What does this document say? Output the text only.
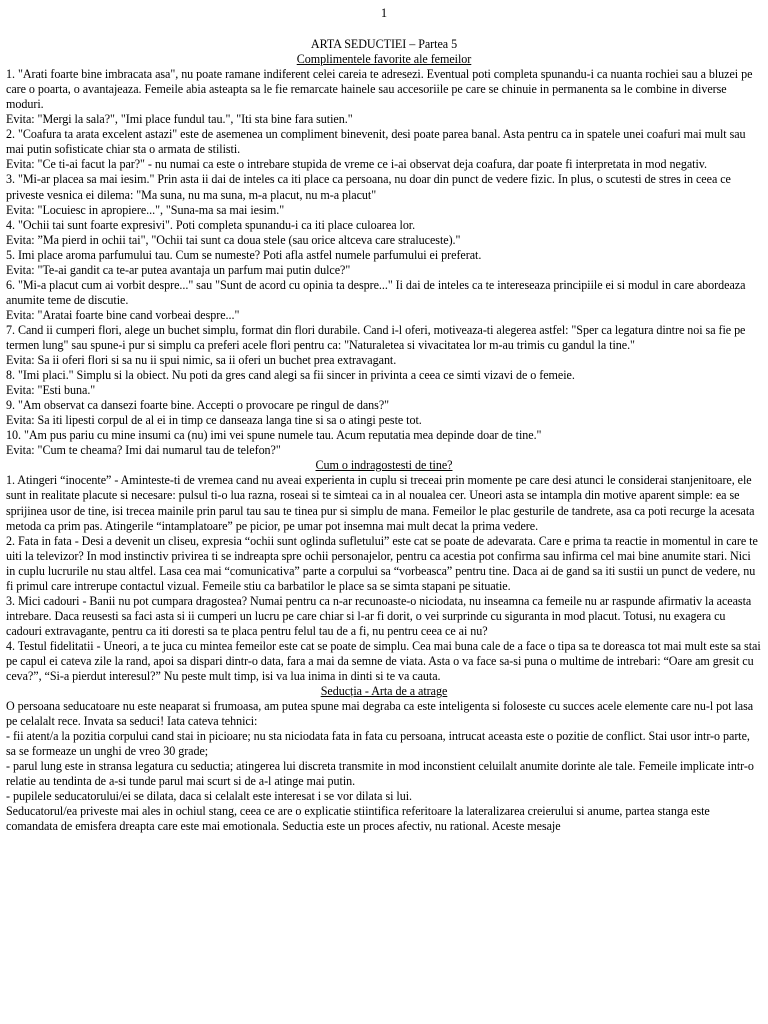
1
ARTA SEDUCTIEI – Partea 5
Complimentele favorite ale femeilor

1. "Arati foarte bine imbracata asa", nu poate ramane indiferent celei careia te adresezi. Eventual poti completa spunandu-i ca nuanta rochiei sau a bluzei pe care o poarta, o avantajeaza. Femeile abia asteapta sa le fie remarcate hainele sau accesoriile pe care se chinuie in permanenta sa le combine in diverse moduri.

Evita: "Mergi la sala?", "Imi place fundul tau.", "Iti sta bine fara sutien."

2. "Coafura ta arata excelent astazi" este de asemenea un compliment binevenit, desi poate parea banal. Asta pentru ca in spatele unei coafuri mai mult sau mai putin sofisticate chiar sta o armata de stilisti.

Evita: "Ce ti-ai facut la par?" - nu numai ca este o intrebare stupida de vreme ce i-ai observat deja coafura, dar poate fi interpretata in mod negativ.

3. "Mi-ar placea sa mai iesim." Prin asta ii dai de inteles ca iti place ca persoana, nu doar din punct de vedere fizic. In plus, o scutesti de stres in ceea ce priveste vesnica ei dilema: "Ma suna, nu ma suna, m-a placut, nu m-a placut"

Evita: "Locuiesc in apropiere...", "Suna-ma sa mai iesim."

4. "Ochii tai sunt foarte expresivi". Poti completa spunandu-i ca iti place culoarea lor.

Evita: ”Ma pierd in ochii tai", "Ochii tai sunt ca doua stele (sau orice altceva care straluceste)."

5. Imi place aroma parfumului tau. Cum se numeste? Poti afla astfel numele parfumului ei preferat.

Evita: "Te-ai gandit ca te-ar putea avantaja un parfum mai putin dulce?"

6. "Mi-a placut cum ai vorbit despre..." sau "Sunt de acord cu opinia ta despre..." Ii dai de inteles ca te intereseaza principiile ei si modul in care abordeaza anumite teme de discutie.

Evita: "Aratai foarte bine cand vorbeai despre..."

7. Cand ii cumperi flori, alege un buchet simplu, format din flori durabile. Cand i-l oferi, motiveaza-ti alegerea astfel: "Sper ca legatura dintre noi sa fie pe termen lung" sau spune-i pur si simplu ca preferi acele flori pentru ca: "Naturaletea si vivacitatea lor m-au trimis cu gandul la tine."

Evita: Sa ii oferi flori si sa nu ii spui nimic, sa ii oferi un buchet prea extravagant.

8. "Imi placi." Simplu si la obiect. Nu poti da gres cand alegi sa fii sincer in privinta a ceea ce simti vizavi de o femeie.

Evita: "Esti buna."

9. "Am observat ca dansezi foarte bine. Accepti o provocare pe ringul de dans?"

Evita: Sa iti lipesti corpul de al ei in timp ce danseaza langa tine si sa o atingi peste tot.

10. "Am pus pariu cu mine insumi ca (nu) imi vei spune numele tau. Acum reputatia mea depinde doar de tine."

Evita: "Cum te cheama? Imi dai numarul tau de telefon?"

Cum o indragostesti de tine?

1. Atingeri “inocente” - Aminteste-ti de vremea cand nu aveai experienta in cuplu si treceai prin momente pe care desi atunci le considerai stanjenitoare, ele sunt in realitate placute si necesare: pulsul ti-o lua razna, roseai si te simteai ca in al noualea cer. Uneori asta se intampla din motive aparent simple: ea se sprijinea usor de tine, isi trecea mainile prin parul tau sau te tinea pur si simplu de mana. Femeilor le plac gesturile de tandrete, asa ca poti recurge la acesata metoda ca prim pas. Atingerile “intamplatoare” pe picior, pe umar pot insemna mai mult decat la prima vedere.

2. Fata in fata - Desi a devenit un cliseu, expresia “ochii sunt oglinda sufletului” este cat se poate de adevarata. Care e prima ta reactie in momentul in care te uiti la televizor? In mod instinctiv privirea ti se indreapta spre ochii personajelor, pentru ca acestia pot confirma sau infirma cel mai bine anumite stari. Nici in cuplu lucrurile nu stau altfel. Lasa cea mai “comunicativa” parte a corpului sa “vorbeasca” pentru tine. Daca ai de gand sa iti sustii un punct de vedere, nu fi primul care intrerupe contactul vizual. Femeile stiu ca barbatilor le place sa se simta stapani pe situatie.

3. Mici cadouri - Banii nu pot cumpara dragostea? Numai pentru ca n-ar recunoaste-o niciodata, nu inseamna ca femeile nu ar raspunde afirmativ la aceasta intrebare. Daca reusesti sa faci asta si ii cumperi un lucru pe care chiar si l-ar fi dorit, o vei surprinde cu siguranta in mod placut. Totusi, nu exagera cu cadouri extravagante, pentru ca iti doresti sa te placa pentru felul tau de a fi, nu pentru ceea ce ai nu?

4. Testul fidelitatii - Uneori, a te juca cu mintea femeilor este cat se poate de simplu. Cea mai buna cale de a face o tipa sa te doreasca tot mai mult este sa stai pe capul ei cateva zile la rand, apoi sa dispari dintr-o data, fara a mai da semne de viata. Asta o va face sa-si puna o multime de intrebari: “Oare am gresit cu ceva?”, “Si-a pierdut interesul?” Nu peste mult timp, isi va lua inima in dinti si te va cauta.

Seducția - Arta de a atrage

O persoana seducatoare nu este neaparat si frumoasa, am putea spune mai degraba ca este inteligenta si foloseste cu succes acele elemente care nu-l pot lasa pe celalalt rece. Invata sa seduci! Iata cateva tehnici:

- fii atent/a la pozitia corpului cand stai in picioare; nu sta niciodata fata in fata cu persoana, intrucat aceasta este o pozitie de conflict. Stai usor intr-o parte, sa se formeaze un unghi de vreo 30 grade;

- parul lung este in stransa legatura cu seductia; atingerea lui discreta transmite in mod inconstient celuilalt anumite dorinte ale tale. Femeile implicate intr-o relatie au tendinta de a-si tunde parul mai scurt si de a-l atinge mai putin.

- pupilele seducatorului/ei se dilata, daca si celalalt este interesat i se vor dilata si lui.

Seducatorul/ea priveste mai ales in ochiul stang, ceea ce are o explicatie stiintifica referitoare la lateralizarea creierului si anume, partea stanga este comandata de emisfera dreapta care este mai emotionala. Seductia este un proces afectiv, nu rational. Aceste mesaje
